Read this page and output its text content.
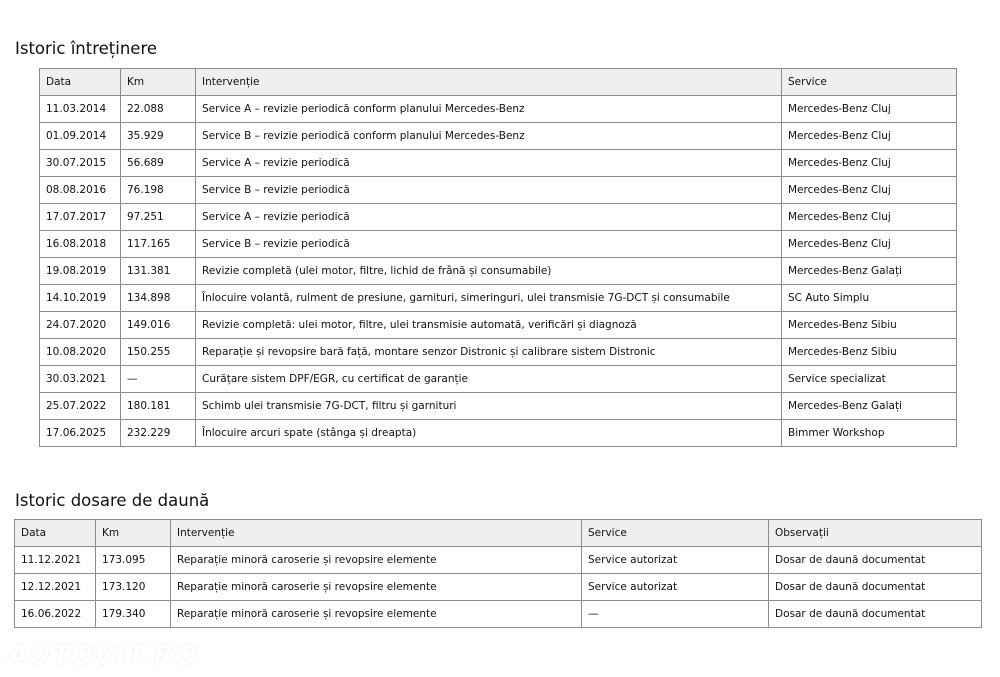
Istoric întreținere
Data	Km	Intervenție	Service
11.03.2014	22.088	Service A – revizie periodică conform planului Mercedes-Benz	Mercedes-Benz Cluj
01.09.2014	35.929	Service B – revizie periodică conform planului Mercedes-Benz	Mercedes-Benz Cluj
30.07.2015	56.689	Service A – revizie periodică	Mercedes-Benz Cluj
08.08.2016	76.198	Service B – revizie periodică	Mercedes-Benz Cluj
17.07.2017	97.251	Service A – revizie periodică	Mercedes-Benz Cluj
16.08.2018	117.165	Service B – revizie periodică	Mercedes-Benz Cluj
19.08.2019	131.381	Revizie completă (ulei motor, filtre, lichid de frână și consumabile)	Mercedes-Benz Galați
14.10.2019	134.898	Înlocuire volantă, rulment de presiune, garnituri, simeringuri, ulei transmisie 7G-DCT și consumabile	SC Auto Simplu
24.07.2020	149.016	Revizie completă: ulei motor, filtre, ulei transmisie automată, verificări și diagnoză	Mercedes-Benz Sibiu
10.08.2020	150.255	Reparație și revopsire bară față, montare senzor Distronic și calibrare sistem Distronic	Mercedes-Benz Sibiu
30.03.2021	—	Curățare sistem DPF/EGR, cu certificat de garanție	Service specializat
25.07.2022	180.181	Schimb ulei transmisie 7G-DCT, filtru și garnituri	Mercedes-Benz Galați
17.06.2025	232.229	Înlocuire arcuri spate (stânga și dreapta)	Bimmer Workshop
Istoric dosare de daună
Data	Km	Intervenție	Service	Observații
11.12.2021	173.095	Reparație minoră caroserie și revopsire elemente	Service autorizat	Dosar de daună documentat
12.12.2021	173.120	Reparație minoră caroserie și revopsire elemente	Service autorizat	Dosar de daună documentat
16.06.2022	179.340	Reparație minoră caroserie și revopsire elemente	—	Dosar de daună documentat
AUTOVIT.RO
